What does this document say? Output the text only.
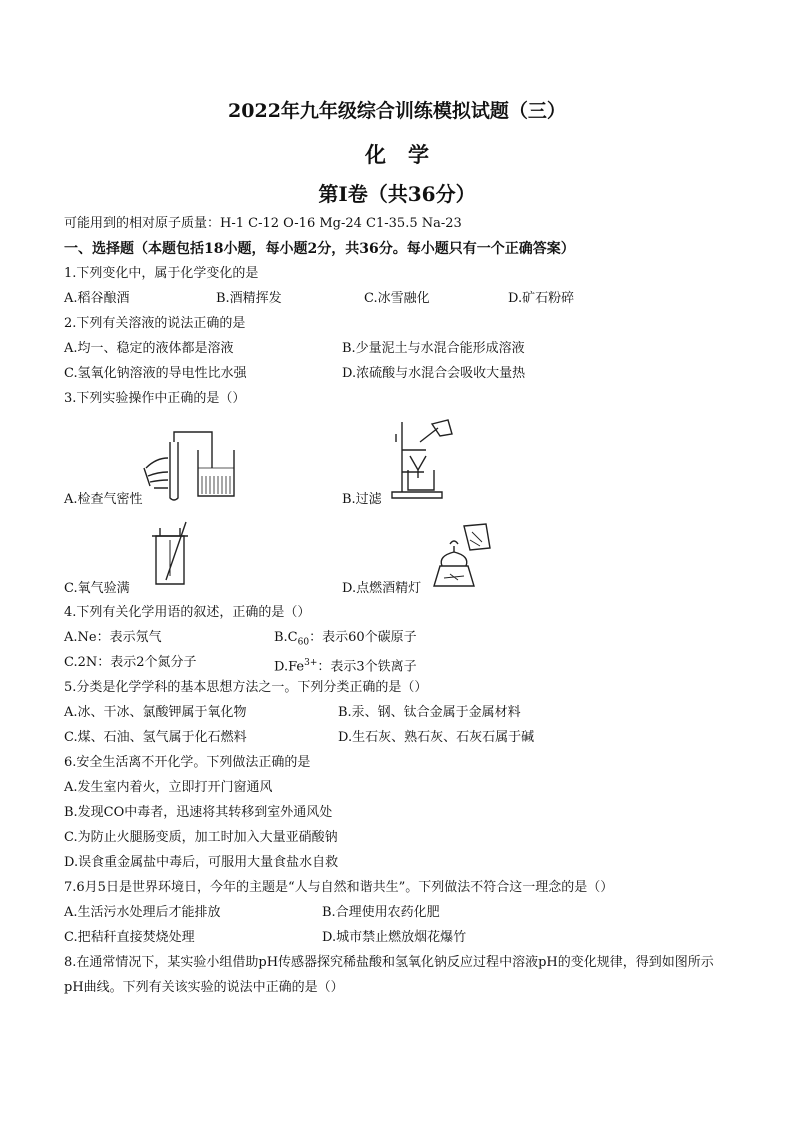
2022年九年级综合训练模拟试题（三）
化学
第I卷（共36分）
可能用到的相对原子质量：H-1 C-12 O-16 Mg-24 C1-35.5 Na-23
一、选择题（本题包括18小题，每小题2分，共36分。每小题只有一个正确答案）
1.下列变化中，属于化学变化的是
A.稻谷酿酒	B.酒精挥发	C.冰雪融化	D.矿石粉碎
2.下列有关溶液的说法正确的是
A.均一、稳定的液体都是溶液	B.少量泥土与水混合能形成溶液
C.氢氧化钠溶液的导电性比水强	D.浓硫酸与水混合会吸收大量热
3.下列实验操作中正确的是（）
A.检查气密性	B.过滤
C.氧气验满	D.点燃酒精灯
4.下列有关化学用语的叙述，正确的是（）
A.Ne：表示氖气	$B.C_{60}$：表示60个碳原子
C.2N：表示2个氮分子	$D.Fe^{3+}$：表示3个铁离子
5.分类是化学学科的基本思想方法之一。下列分类正确的是（）
A.冰、干冰、氯酸钾属于氧化物	B.汞、钢、钛合金属于金属材料
C.煤、石油、氢气属于化石燃料	D.生石灰、熟石灰、石灰石属于碱
6.安全生活离不开化学。下列做法正确的是
A.发生室内着火，立即打开门窗通风
B.发现CO中毒者，迅速将其转移到室外通风处
C.为防止火腿肠变质，加工时加入大量亚硝酸钠
D.误食重金属盐中毒后，可服用大量食盐水自救
7.6月5日是世界环境日，今年的主题是“人与自然和谐共生”。下列做法不符合这一理念的是（）
A.生活污水处理后才能排放	B.合理使用农药化肥
C.把秸秆直接焚烧处理	D.城市禁止燃放烟花爆竹
8.在通常情况下，某实验小组借助pH传感器探究稀盐酸和氢氧化钠反应过程中溶液pH的变化规律，得到如图所示pH曲线。下列有关该实验的说法中正确的是（）
